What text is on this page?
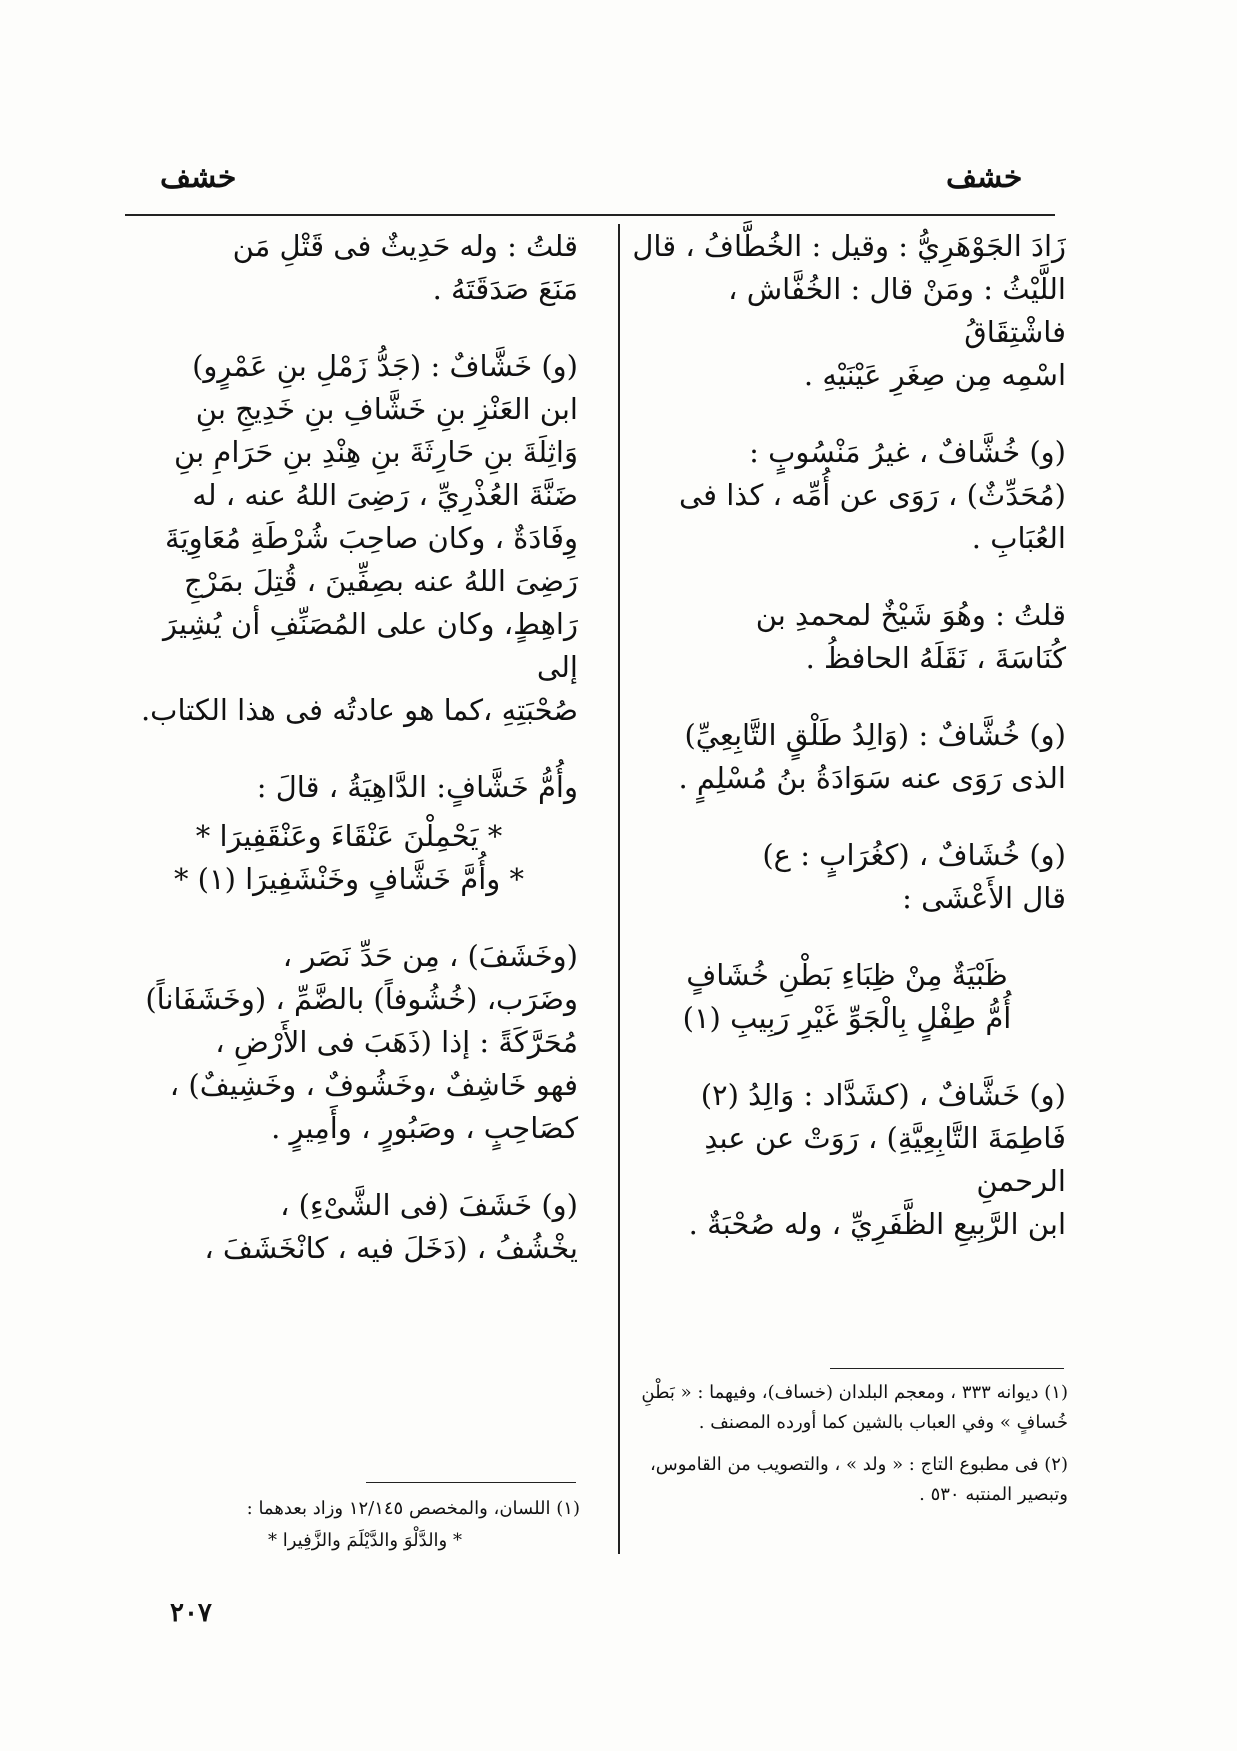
خشف
خشف

زَادَ الجَوْهَرِيُّ : وقيل : الخُطَّافُ ، قال

اللَّيْثُ : ومَنْ قال : الخُفَّاش ، فاشْتِقَاقُ

اسْمِه مِن صِغَرِ عَيْنَيْهِ .

(و) خُشَّافٌ ، غيرُ مَنْسُوبٍ :

(مُحَدِّثٌ) ، رَوَى عن أُمِّه ، كذا فى

العُبَابِ .

قلتُ : وهُوَ شَيْخٌ لمحمدِ بن

كُنَاسَةَ ، نَقَلَهُ الحافظُ .

(و) خُشَّافٌ : (وَالِدُ طَلْقٍ التَّابِعِيِّ)

الذى رَوَى عنه سَوَادَةُ بنُ مُسْلِمٍ .

(و) خُشَافٌ ، (كغُرَابٍ : ع)

قال الأَعْشَى :

ظَبْيَةٌ مِنْ ظِبَاءِ بَطْنِ خُشَافٍ

أُمُّ طِفْلٍ بِالْجَوِّ غَيْرِ رَبِيبِ (١)

(و) خَشَّافٌ ، (كشَدَّاد : وَالِدُ (٢)

فَاطِمَةَ التَّابِعِيَّةِ) ، رَوَتْ عن عبدِ الرحمنِ

ابن الرَّبِيعِ الظَّفَرِيِّ ، وله صُحْبَةٌ .

قلتُ : وله حَدِيثٌ فى قَتْلِ مَن

مَنَعَ صَدَقَتَهُ .

(و) خَشَّافٌ : (جَدُّ زَمْلِ بنِ عَمْرٍو)

ابن العَنْزِ بنِ خَشَّافِ بنِ خَدِيجِ بنِ

وَاثِلَةَ بنِ حَارِثَةَ بنِ هِنْدِ بنِ حَرَامِ بنِ

ضَنَّةَ العُذْرِيِّ ، رَضِىَ اللهُ عنه ، له

وِفَادَةٌ ، وكان صاحِبَ شُرْطَةِ مُعَاوِيَةَ

رَضِىَ اللهُ عنه بصِفِّينَ ، قُتِلَ بمَرْجِ

رَاهِطٍ، وكان على المُصَنِّفِ أن يُشِيرَ إلى

صُحْبَتِهِ ،كما هو عادتُه فى هذا الكتاب.

وأُمُّ خَشَّافٍ: الدَّاهِيَةُ ، قالَ :

* يَحْمِلْنَ عَنْقَاءَ وعَنْقَفِيرَا *

* وأُمَّ خَشَّافٍ وخَنْشَفِيرَا (١) *

(وخَشَفَ) ، مِن حَدِّ نَصَر ،

وضَرَب، (خُشُوفاً) بالضَّمِّ ، (وخَشَفَاناً)

مُحَرَّكَةً : إذا (ذَهَبَ فى الأَرْضِ ،

فهو خَاشِفٌ ،وخَشُوفٌ ، وخَشِيفٌ) ،

كصَاحِبٍ ، وصَبُورٍ ، وأَمِيرٍ .

(و) خَشَفَ (فى الشَّىْءِ) ،

يخْشُفُ ، (دَخَلَ فيه ، كانْخَشَفَ ،

(١) ديوانه ٣٣٣ ، ومعجم البلدان (خساف)، وفيهما : « بَطْنِ خُسافٍ » وفي العباب بالشين كما أورده المصنف .

(٢) فى مطبوع التاج : « ولد » ، والتصويب من القاموس، وتبصير المنتبه ٥٣٠ .

(١) اللسان، والمخصص ١٢/١٤٥ وزاد بعدهما :

* والدَّلْوَ والدَّيْلَمَ والزَّفِيرا *

٢٠٧
